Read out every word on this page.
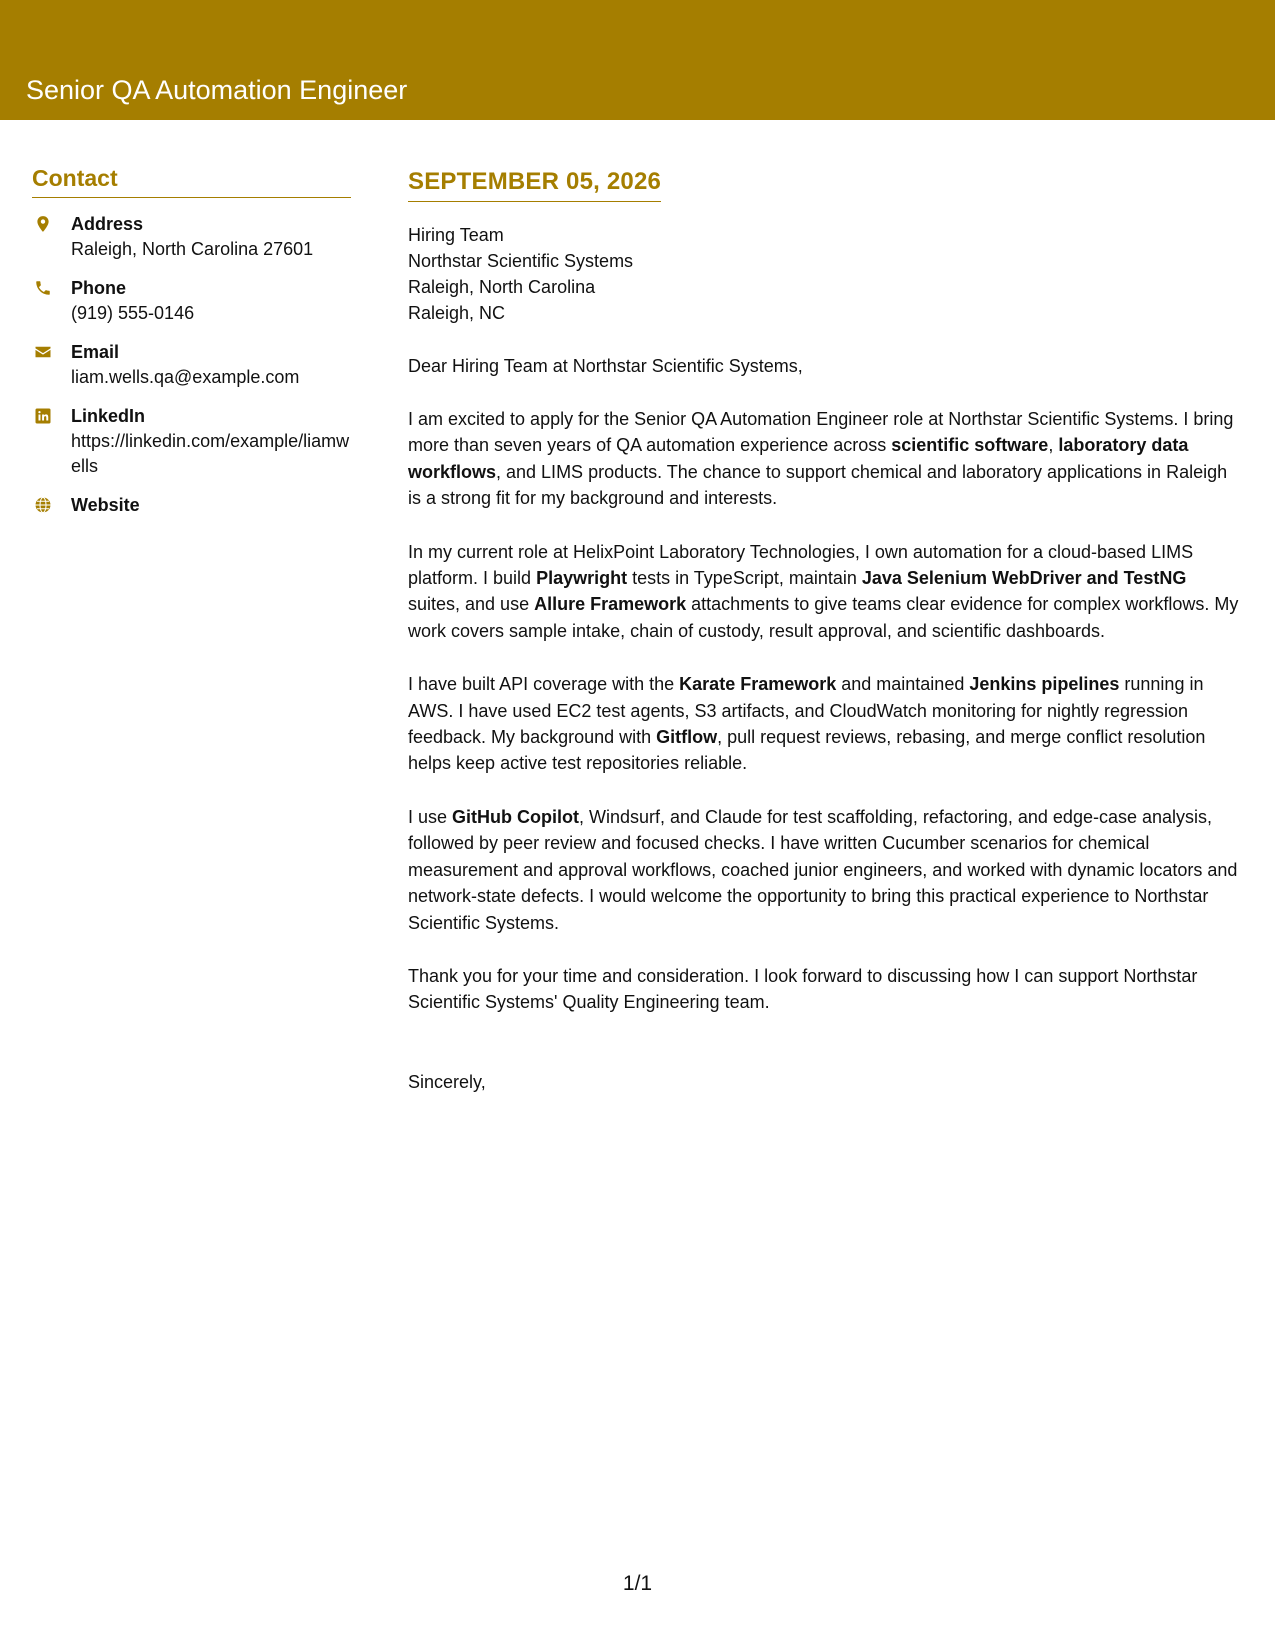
Senior QA Automation Engineer
Contact
Address
Raleigh, North Carolina 27601
Phone
(919) 555-0146
Email
liam.wells.qa@example.com
LinkedIn
https://linkedin.com/example/liamwells
Website
SEPTEMBER 05, 2026
Hiring Team
Northstar Scientific Systems
Raleigh, North Carolina
Raleigh, NC
Dear Hiring Team at Northstar Scientific Systems,
I am excited to apply for the Senior QA Automation Engineer role at Northstar Scientific Systems. I bring more than seven years of QA automation experience across scientific software, laboratory data workflows, and LIMS products. The chance to support chemical and laboratory applications in Raleigh is a strong fit for my background and interests.
In my current role at HelixPoint Laboratory Technologies, I own automation for a cloud-based LIMS platform. I build Playwright tests in TypeScript, maintain Java Selenium WebDriver and TestNG suites, and use Allure Framework attachments to give teams clear evidence for complex workflows. My work covers sample intake, chain of custody, result approval, and scientific dashboards.
I have built API coverage with the Karate Framework and maintained Jenkins pipelines running in AWS. I have used EC2 test agents, S3 artifacts, and CloudWatch monitoring for nightly regression feedback. My background with Gitflow, pull request reviews, rebasing, and merge conflict resolution helps keep active test repositories reliable.
I use GitHub Copilot, Windsurf, and Claude for test scaffolding, refactoring, and edge-case analysis, followed by peer review and focused checks. I have written Cucumber scenarios for chemical measurement and approval workflows, coached junior engineers, and worked with dynamic locators and network-state defects. I would welcome the opportunity to bring this practical experience to Northstar Scientific Systems.
Thank you for your time and consideration. I look forward to discussing how I can support Northstar Scientific Systems' Quality Engineering team.
Sincerely,
1/1
